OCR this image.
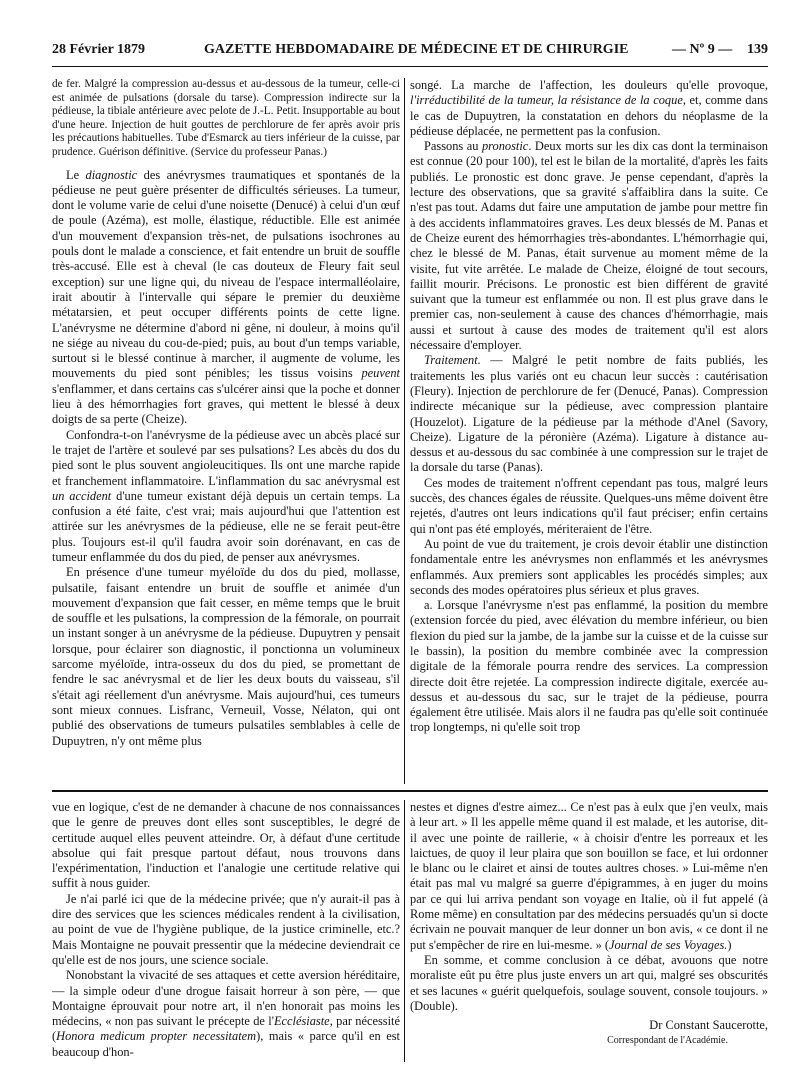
28 Février 1879	GAZETTE HEBDOMADAIRE DE MÉDECINE ET DE CHIRURGIE	— Nº 9 — 139

de fer. Malgré la compression au-dessus et au-dessous de la tumeur, celle-ci est animée de pulsations (dorsale du tarse). Compression indirecte sur la pédieuse, la tibiale antérieure avec pelote de J.-L. Petit. Insupportable au bout d'une heure. Injection de huit gouttes de perchlorure de fer après avoir pris les précautions habituelles. Tube d'Esmarck au tiers inférieur de la cuisse, par prudence. Guérison définitive. (Service du professeur Panas.)

Le diagnostic des anévrysmes traumatiques et spontanés de la pédieuse ne peut guère présenter de difficultés sérieuses. La tumeur, dont le volume varie de celui d'une noisette (Denucé) à celui d'un œuf de poule (Azéma), est molle, élastique, réductible. Elle est animée d'un mouvement d'expansion très-net, de pulsations isochrones au pouls dont le malade a conscience, et fait entendre un bruit de souffle très-accusé. Elle est à cheval (le cas douteux de Fleury fait seul exception) sur une ligne qui, du niveau de l'espace intermalléolaire, irait aboutir à l'intervalle qui sépare le premier du deuxième métatarsien, et peut occuper différents points de cette ligne. L'anévrysme ne détermine d'abord ni gêne, ni douleur, à moins qu'il ne siége au niveau du cou-de-pied; puis, au bout d'un temps variable, surtout si le blessé continue à marcher, il augmente de volume, les mouvements du pied sont pénibles; les tissus voisins peuvent s'enflammer, et dans certains cas s'ulcérer ainsi que la poche et donner lieu à des hémorrhagies fort graves, qui mettent le blessé à deux doigts de sa perte (Cheize).

Confondra-t-on l'anévrysme de la pédieuse avec un abcès placé sur le trajet de l'artère et soulevé par ses pulsations? Les abcès du dos du pied sont le plus souvent angioleucitiques. Ils ont une marche rapide et franchement inflammatoire. L'inflammation du sac anévrysmal est un accident d'une tumeur existant déjà depuis un certain temps. La confusion a été faite, c'est vrai; mais aujourd'hui que l'attention est attirée sur les anévrysmes de la pédieuse, elle ne se ferait peut-être plus. Toujours est-il qu'il faudra avoir soin dorénavant, en cas de tumeur enflammée du dos du pied, de penser aux anévrysmes.

En présence d'une tumeur myéloïde du dos du pied, mollasse, pulsatile, faisant entendre un bruit de souffle et animée d'un mouvement d'expansion que fait cesser, en même temps que le bruit de souffle et les pulsations, la compression de la fémorale, on pourrait un instant songer à un anévrysme de la pédieuse. Dupuytren y pensait lorsque, pour éclairer son diagnostic, il ponctionna un volumineux sarcome myéloïde, intra-osseux du dos du pied, se promettant de fendre le sac anévrysmal et de lier les deux bouts du vaisseau, s'il s'était agi réellement d'un anévrysme. Mais aujourd'hui, ces tumeurs sont mieux connues. Lisfranc, Verneuil, Vosse, Nélaton, qui ont publié des observations de tumeurs pulsatiles semblables à celle de Dupuytren, n'y ont même plus

songé. La marche de l'affection, les douleurs qu'elle provoque, l'irréductibilité de la tumeur, la résistance de la coque, et, comme dans le cas de Dupuytren, la constatation en dehors du néoplasme de la pédieuse déplacée, ne permettent pas la confusion.

Passons au pronostic. Deux morts sur les dix cas dont la terminaison est connue (20 pour 100), tel est le bilan de la mortalité, d'après les faits publiés. Le pronostic est donc grave. Je pense cependant, d'après la lecture des observations, que sa gravité s'affaiblira dans la suite. Ce n'est pas tout. Adams dut faire une amputation de jambe pour mettre fin à des accidents inflammatoires graves. Les deux blessés de M. Panas et de Cheize eurent des hémorrhagies très-abondantes. L'hémorrhagie qui, chez le blessé de M. Panas, était survenue au moment même de la visite, fut vite arrêtée. Le malade de Cheize, éloigné de tout secours, faillit mourir. Précisons. Le pronostic est bien différent de gravité suivant que la tumeur est enflammée ou non. Il est plus grave dans le premier cas, non-seulement à cause des chances d'hémorrhagie, mais aussi et surtout à cause des modes de traitement qu'il est alors nécessaire d'employer.

Traitement. — Malgré le petit nombre de faits publiés, les traitements les plus variés ont eu chacun leur succès : cautérisation (Fleury). Injection de perchlorure de fer (Denucé, Panas). Compression indirecte mécanique sur la pédieuse, avec compression plantaire (Houzelot). Ligature de la pédieuse par la méthode d'Anel (Savory, Cheize). Ligature de la péronière (Azéma). Ligature à distance au-dessus et au-dessous du sac combinée à une compression sur le trajet de la dorsale du tarse (Panas).

Ces modes de traitement n'offrent cependant pas tous, malgré leurs succès, des chances égales de réussite. Quelques-uns même doivent être rejetés, d'autres ont leurs indications qu'il faut préciser; enfin certains qui n'ont pas été employés, mériteraient de l'être.

Au point de vue du traitement, je crois devoir établir une distinction fondamentale entre les anévrysmes non enflammés et les anévrysmes enflammés. Aux premiers sont applicables les procédés simples; aux seconds des modes opératoires plus sérieux et plus graves.

a. Lorsque l'anévrysme n'est pas enflammé, la position du membre (extension forcée du pied, avec élévation du membre inférieur, ou bien flexion du pied sur la jambe, de la jambe sur la cuisse et de la cuisse sur le bassin), la position du membre combinée avec la compression digitale de la fémorale pourra rendre des services. La compression directe doit être rejetée. La compression indirecte digitale, exercée au-dessus et au-dessous du sac, sur le trajet de la pédieuse, pourra également être utilisée. Mais alors il ne faudra pas qu'elle soit continuée trop longtemps, ni qu'elle soit trop

vue en logique, c'est de ne demander à chacune de nos connaissances que le genre de preuves dont elles sont susceptibles, le degré de certitude auquel elles peuvent atteindre. Or, à défaut d'une certitude absolue qui fait presque partout défaut, nous trouvons dans l'expérimentation, l'induction et l'analogie une certitude relative qui suffit à nous guider.

Je n'ai parlé ici que de la médecine privée; que n'y aurait-il pas à dire des services que les sciences médicales rendent à la civilisation, au point de vue de l'hygiène publique, de la justice criminelle, etc.? Mais Montaigne ne pouvait pressentir que la médecine deviendrait ce qu'elle est de nos jours, une science sociale.

Nonobstant la vivacité de ses attaques et cette aversion héréditaire, — la simple odeur d'une drogue faisait horreur à son père, — que Montaigne éprouvait pour notre art, il n'en honorait pas moins les médecins, « non pas suivant le précepte de l'Ecclésiaste, par nécessité (Honora medicum propter necessitatem), mais « parce qu'il en est beaucoup d'hon-

nestes et dignes d'estre aimez... Ce n'est pas à eulx que j'en veulx, mais à leur art. » Il les appelle même quand il est malade, et les autorise, dit-il avec une pointe de raillerie, « à choisir d'entre les porreaux et les laictues, de quoy il leur plaira que son bouillon se face, et lui ordonner le blanc ou le clairet et ainsi de toutes aultres choses. » Lui-même n'en était pas mal vu malgré sa guerre d'épigrammes, à en juger du moins par ce qui lui arriva pendant son voyage en Italie, où il fut appelé (à Rome même) en consultation par des médecins persuadés qu'un si docte écrivain ne pouvait manquer de leur donner un bon avis, « ce dont il ne put s'empêcher de rire en lui-mesme. » (Journal de ses Voyages.)

En somme, et comme conclusion à ce débat, avouons que notre moraliste eût pu être plus juste envers un art qui, malgré ses obscurités et ses lacunes « guérit quelquefois, soulage souvent, console toujours. » (Double).

Dr Constant Saucerotte,
Correspondant de l'Académie.
